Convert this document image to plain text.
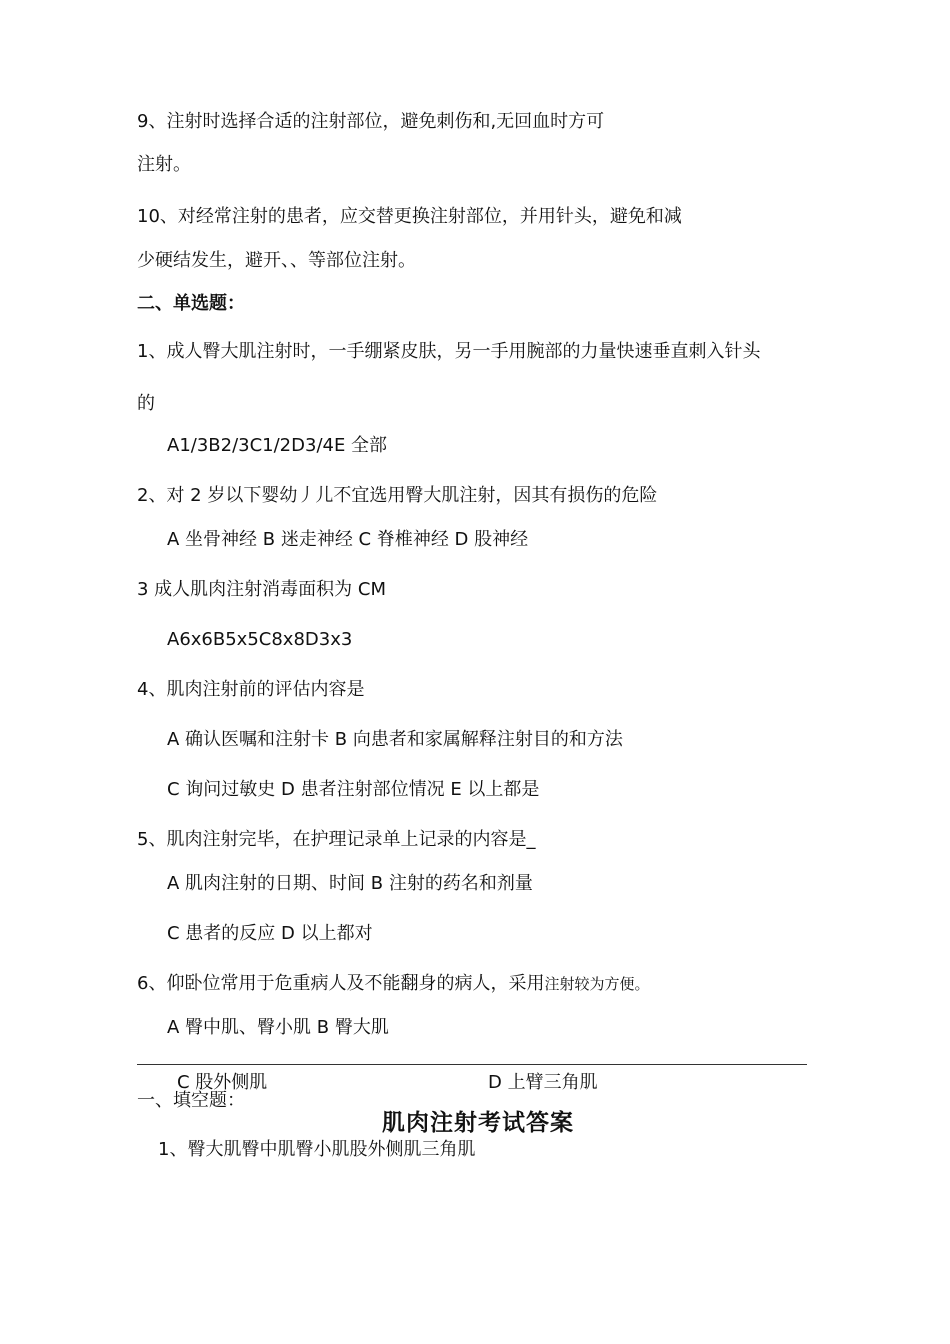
9、注射时选择合适的注射部位，避免刺伤和,无回血时方可
注射。
10、对经常注射的患者，应交替更换注射部位，并用针头，避免和减
少硬结发生，避开、、等部位注射。
二、单选题：
1、成人臀大肌注射时，一手绷紧皮肤，另一手用腕部的力量快速垂直刺入针头
的
A1/3B2/3C1/2D3/4E 全部
2、对 2 岁以下婴幼丿儿不宜选用臀大肌注射，因其有损伤的危险
A 坐骨神经 B 迷走神经 C 脊椎神经 D 股神经
3 成人肌肉注射消毒面积为 CM
A6x6B5x5C8x8D3x3
4、肌肉注射前的评估内容是
A 确认医嘱和注射卡 B 向患者和家属解释注射目的和方法
C 询问过敏史 D 患者注射部位情况 E 以上都是
5、肌肉注射完毕，在护理记录单上记录的内容是_
A 肌肉注射的日期、时间 B 注射的药名和剂量
C 患者的反应 D 以上都对
6、仰卧位常用于危重病人及不能翻身的病人，采用注射较为方便。
A 臀中肌、臀小肌 B 臀大肌
C 股外侧肌	D 上臂三角肌
一、填空题：
肌肉注射考试答案
1、臀大肌臀中肌臀小肌股外侧肌三角肌
